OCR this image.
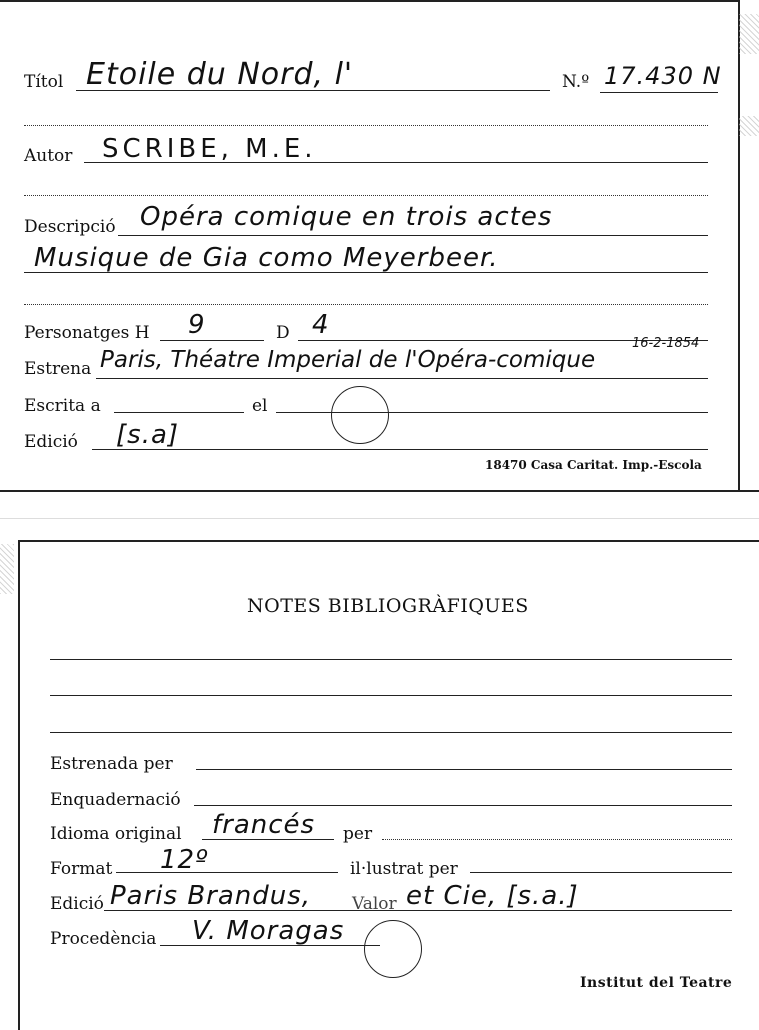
Títol Etoile du Nord, l'	N.º 17.430 N
Autor SCRIBE, M.E.
Descripció Opéra comique en trois actes
Musique de Gia como Meyerbeer.
Personatges H 9	D 4
16-2-1854
Estrena Paris, Théatre Imperial de l'Opéra-comique
Escrita a	el
Edició [s.a]
18470 Casa Caritat. Imp.-Escola
NOTES BIBLIOGRÀFIQUES
Estrenada per
Enquadernació
Idioma original francés per
Format 12º	il·lustrat per
Edició Paris Brandus, Valor et Cie, [s.a.]
Procedència V. Moragas
Institut del Teatre
